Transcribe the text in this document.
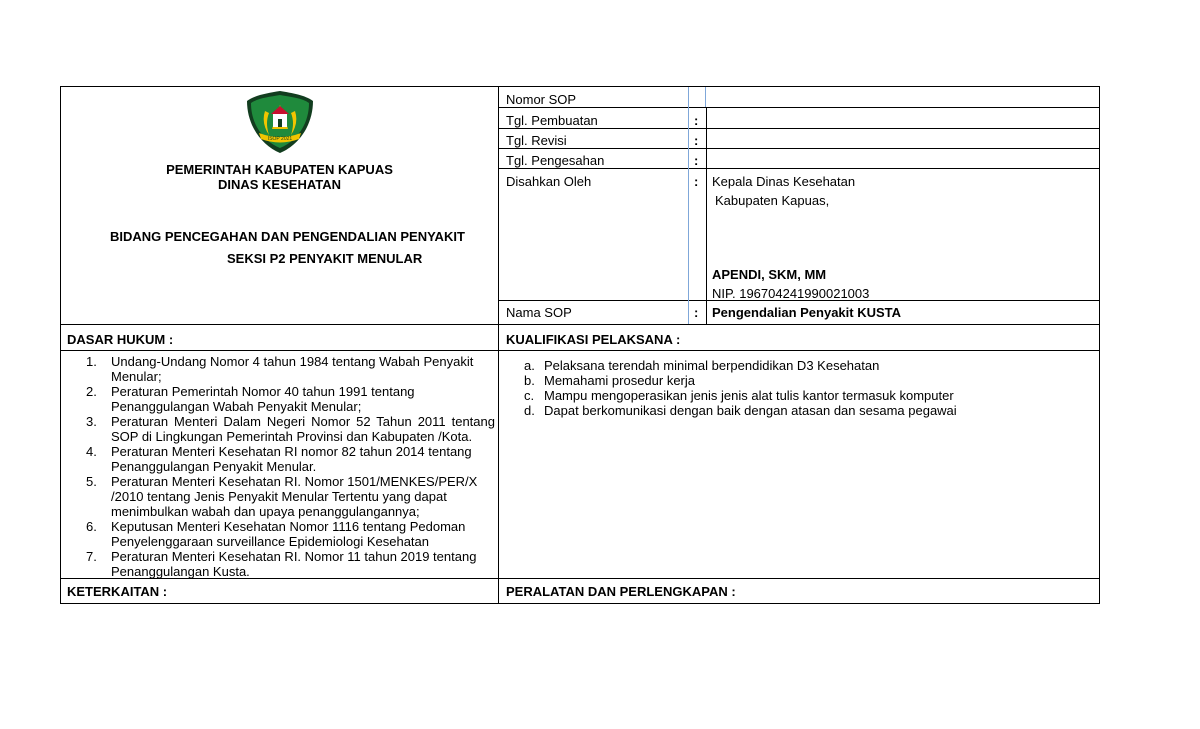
ISOP 2021
PEMERINTAH KABUPATEN KAPUAS
DINAS KESEHATAN
BIDANG PENCEGAHAN DAN PENGENDALIAN PENYAKIT
SEKSI P2 PENYAKIT MENULAR
Nomor SOP
Tgl. Pembuatan	:
Tgl. Revisi	:
Tgl. Pengesahan	:
Disahkan Oleh	: Kepala Dinas Kesehatan
Kabupaten Kapuas,
APENDI, SKM, MM
NIP. 196704241990021003
Nama SOP	: Pengendalian Penyakit KUSTA
DASAR HUKUM :	KUALIFIKASI PELAKSANA :
1.	Undang-Undang Nomor 4 tahun 1984 tentang Wabah Penyakit
Menular;
2.	Peraturan Pemerintah Nomor 40 tahun 1991 tentang
Penanggulangan Wabah Penyakit Menular;
3.	Peraturan Menteri Dalam Negeri Nomor 52 Tahun 2011 tentang
SOP di Lingkungan Pemerintah Provinsi dan Kabupaten /Kota.
4.	Peraturan Menteri Kesehatan RI nomor 82 tahun 2014 tentang
Penanggulangan Penyakit Menular.
5.	Peraturan Menteri Kesehatan RI. Nomor 1501/MENKES/PER/X
/2010 tentang Jenis Penyakit Menular Tertentu yang dapat
menimbulkan wabah dan upaya penanggulangannya;
6.	Keputusan Menteri Kesehatan Nomor 1116 tentang Pedoman
Penyelenggaraan surveillance Epidemiologi Kesehatan
7.	Peraturan Menteri Kesehatan RI. Nomor 11 tahun 2019 tentang
Penanggulangan Kusta.
a. Pelaksana terendah minimal berpendidikan D3 Kesehatan
b. Memahami prosedur kerja
c. Mampu mengoperasikan jenis jenis alat tulis kantor termasuk komputer
d. Dapat berkomunikasi dengan baik dengan atasan dan sesama pegawai
KETERKAITAN :	PERALATAN DAN PERLENGKAPAN :
